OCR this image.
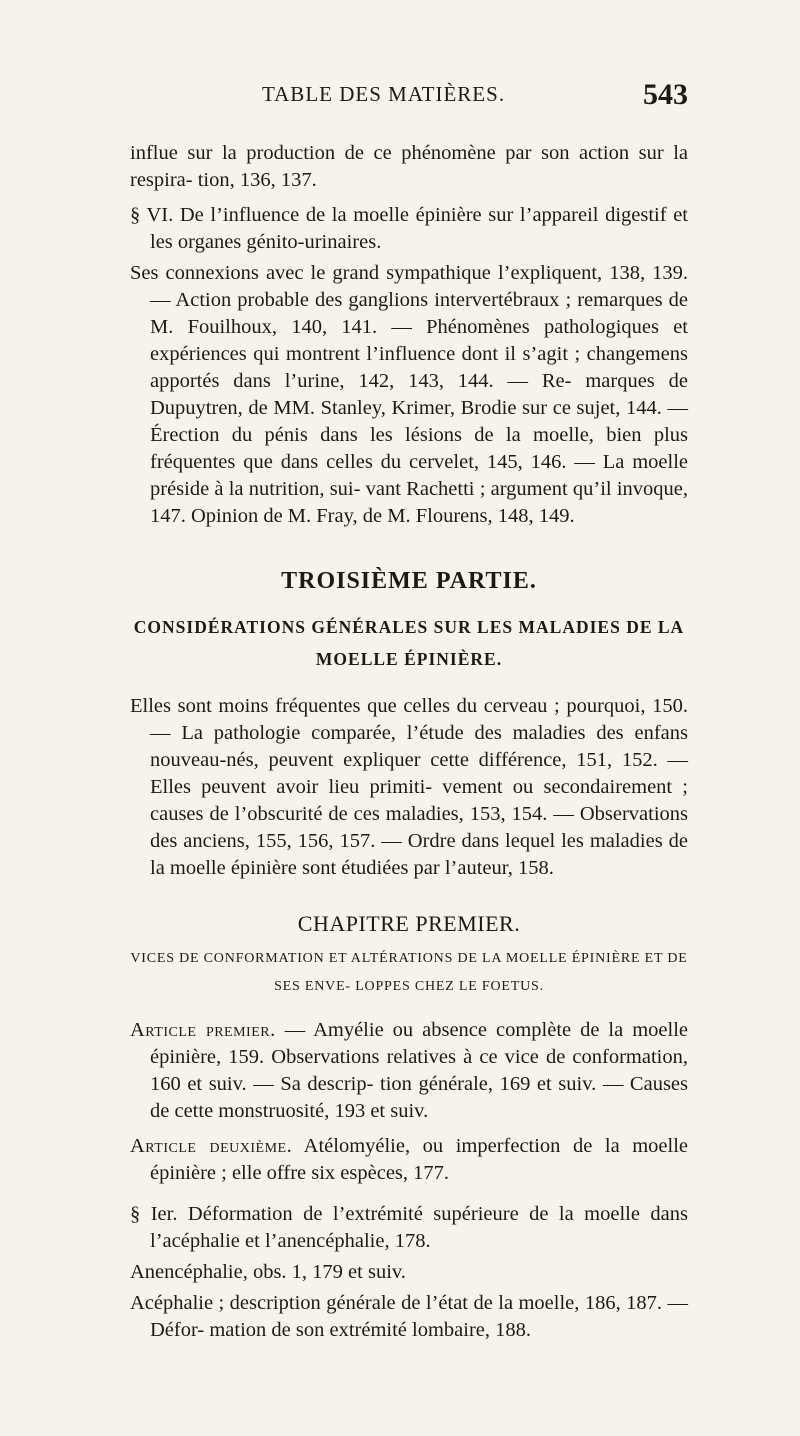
TABLE DES MATIÈRES.	543

influe sur la production de ce phénomène par son action sur la respira- tion, 136, 137.

§ VI. De l’influence de la moelle épinière sur l’appareil digestif et les organes génito-urinaires.

Ses connexions avec le grand sympathique l’expliquent, 138, 139. — Action probable des ganglions intervertébraux ; remarques de M. Fouilhoux, 140, 141. — Phénomènes pathologiques et expériences qui montrent l’influence dont il s’agit ; changemens apportés dans l’urine, 142, 143, 144. — Re- marques de Dupuytren, de MM. Stanley, Krimer, Brodie sur ce sujet, 144. — Érection du pénis dans les lésions de la moelle, bien plus fréquentes que dans celles du cervelet, 145, 146. — La moelle préside à la nutrition, sui- vant Rachetti ; argument qu’il invoque, 147. Opinion de M. Fray, de M. Flourens, 148, 149.

TROISIÈME PARTIE.
CONSIDÉRATIONS GÉNÉRALES SUR LES MALADIES DE LA MOELLE ÉPINIÈRE.

Elles sont moins fréquentes que celles du cerveau ; pourquoi, 150. — La pathologie comparée, l’étude des maladies des enfans nouveau-nés, peuvent expliquer cette différence, 151, 152. — Elles peuvent avoir lieu primiti- vement ou secondairement ; causes de l’obscurité de ces maladies, 153, 154. — Observations des anciens, 155, 156, 157. — Ordre dans lequel les maladies de la moelle épinière sont étudiées par l’auteur, 158.

CHAPITRE PREMIER.
VICES DE CONFORMATION ET ALTÉRATIONS DE LA MOELLE ÉPINIÈRE ET DE SES ENVE- LOPPES CHEZ LE FOETUS.

Article premier. — Amyélie ou absence complète de la moelle épinière, 159. Observations relatives à ce vice de conformation, 160 et suiv. — Sa descrip- tion générale, 169 et suiv. — Causes de cette monstruosité, 193 et suiv.

Article deuxième. Atélomyélie, ou imperfection de la moelle épinière ; elle offre six espèces, 177.

§ Ier. Déformation de l’extrémité supérieure de la moelle dans l’acéphalie et l’anencéphalie, 178.

Anencéphalie, obs. 1, 179 et suiv.

Acéphalie ; description générale de l’état de la moelle, 186, 187. — Défor- mation de son extrémité lombaire, 188.
